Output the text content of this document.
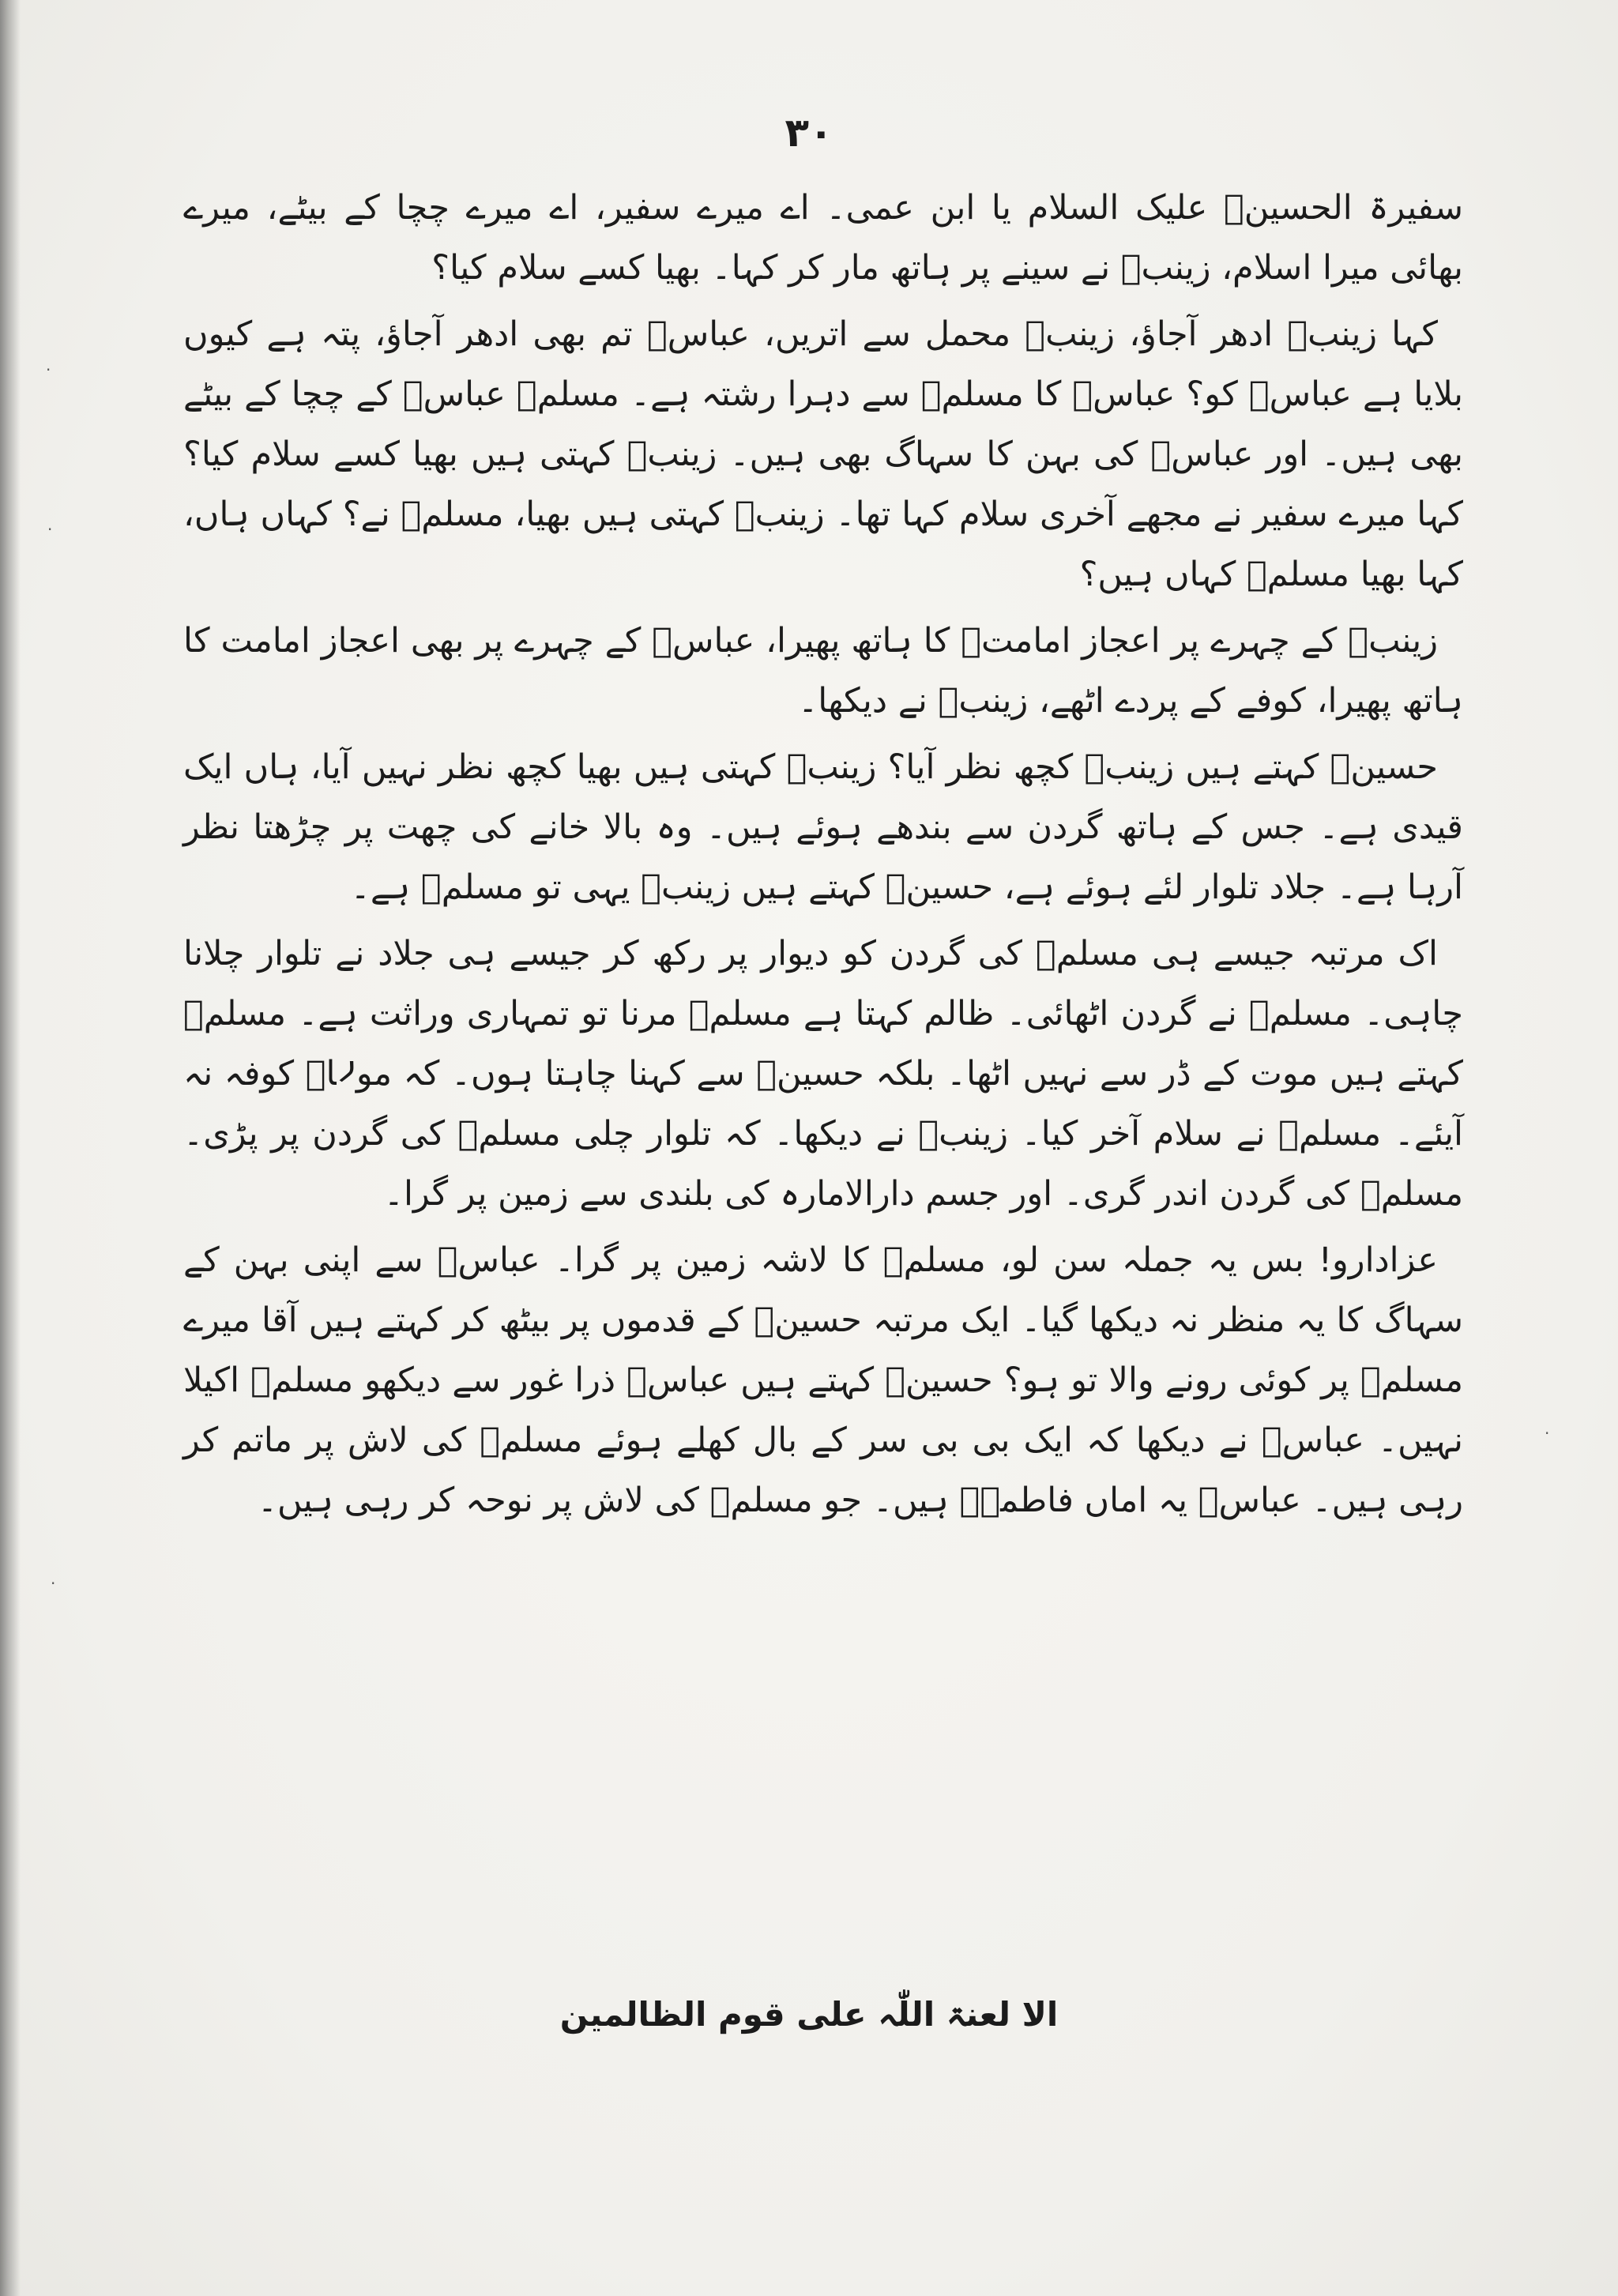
·
·
·
·

۳۰

سفیرۃ الحسینؑ علیک السلام یا ابن عمی۔ اے میرے سفیر، اے میرے چچا کے بیٹے، میرے بھائی میرا اسلام، زینبؑ نے سینے پر ہاتھ مار کر کہا۔ بھیا کسے سلام کیا؟

کہا زینبؑ ادھر آجاؤ، زینبؑ محمل سے اتریں، عباسؑ تم بھی ادھر آجاؤ، پتہ ہے کیوں بلایا ہے عباسؑ کو؟ عباسؑ کا مسلمؑ سے دہرا رشتہ ہے۔ مسلمؑ عباسؑ کے چچا کے بیٹے بھی ہیں۔ اور عباسؑ کی بہن کا سہاگ بھی ہیں۔ زینبؑ کہتی ہیں بھیا کسے سلام کیا؟ کہا میرے سفیر نے مجھے آخری سلام کہا تھا۔ زینبؑ کہتی ہیں بھیا، مسلمؑ نے؟ کہاں ہاں، کہا بھیا مسلمؑ کہاں ہیں؟

زینبؑ کے چہرے پر اعجاز امامتؑ کا ہاتھ پھیرا، عباسؑ کے چہرے پر بھی اعجاز امامت کا ہاتھ پھیرا، کوفے کے پردے اٹھے، زینبؑ نے دیکھا۔

حسینؑ کہتے ہیں زینبؑ کچھ نظر آیا؟ زینبؑ کہتی ہیں بھیا کچھ نظر نہیں آیا، ہاں ایک قیدی ہے۔ جس کے ہاتھ گردن سے بندھے ہوئے ہیں۔ وہ بالا خانے کی چھت پر چڑھتا نظر آرہا ہے۔ جلاد تلوار لئے ہوئے ہے، حسینؑ کہتے ہیں زینبؑ یہی تو مسلمؑ ہے۔

اک مرتبہ جیسے ہی مسلمؑ کی گردن کو دیوار پر رکھ کر جیسے ہی جلاد نے تلوار چلانا چاہی۔ مسلمؑ نے گردن اٹھائی۔ ظالم کہتا ہے مسلمؑ مرنا تو تمہاری وراثت ہے۔ مسلمؑ کہتے ہیں موت کے ڈر سے نہیں اٹھا۔ بلکہ حسینؑ سے کہنا چاہتا ہوں۔ کہ مولاؑ کوفہ نہ آیئے۔ مسلمؑ نے سلام آخر کیا۔ زینبؑ نے دیکھا۔ کہ تلوار چلی مسلمؑ کی گردن پر پڑی۔ مسلمؑ کی گردن اندر گری۔ اور جسم دارالامارہ کی بلندی سے زمین پر گرا۔

عزادارو! بس یہ جملہ سن لو، مسلمؑ کا لاشہ زمین پر گرا۔ عباسؑ سے اپنی بہن کے سہاگ کا یہ منظر نہ دیکھا گیا۔ ایک مرتبہ حسینؑ کے قدموں پر بیٹھ کر کہتے ہیں آقا میرے مسلمؑ پر کوئی رونے والا تو ہو؟ حسینؑ کہتے ہیں عباسؑ ذرا غور سے دیکھو مسلمؑ اکیلا نہیں۔ عباسؑ نے دیکھا کہ ایک بی بی سر کے بال کھلے ہوئے مسلمؑ کی لاش پر ماتم کر رہی ہیں۔ عباسؑ یہ اماں فاطمہؑ ہیں۔ جو مسلمؑ کی لاش پر نوحہ کر رہی ہیں۔

الا لعنۃ اللّٰہ علی قوم الظالمین
